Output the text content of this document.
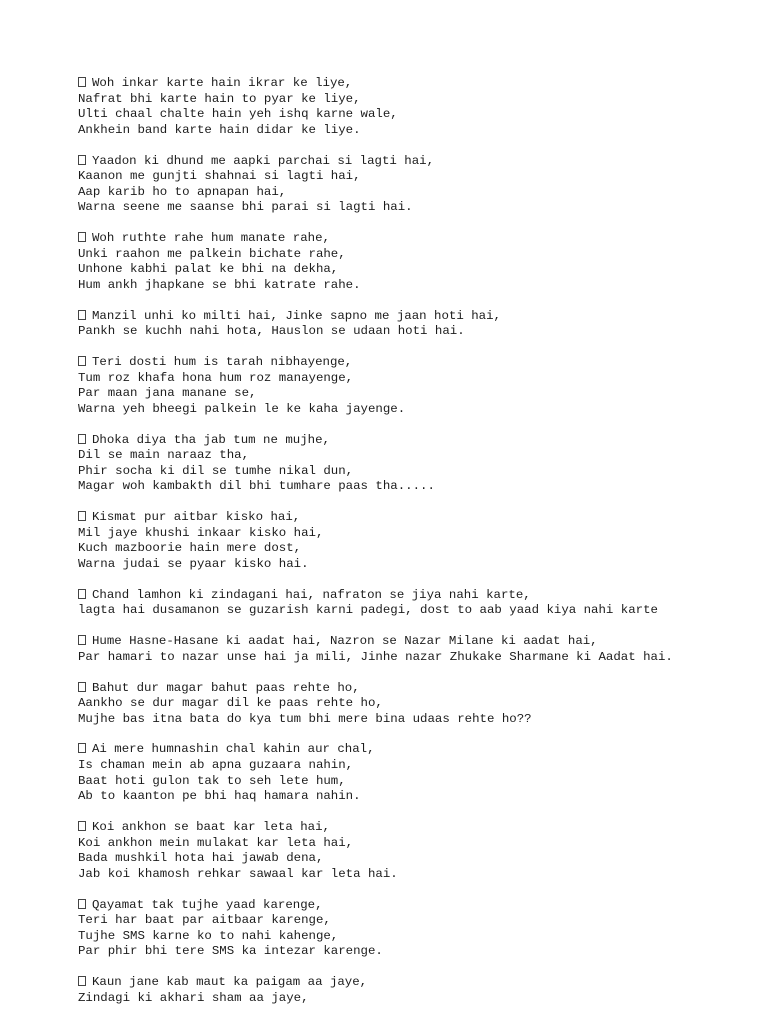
Woh inkar karte hain ikrar ke liye,
Nafrat bhi karte hain to pyar ke liye,
Ulti chaal chalte hain yeh ishq karne wale,
Ankhein band karte hain didar ke liye.
Yaadon ki dhund me aapki parchai si lagti hai,
Kaanon me gunjti shahnai si lagti hai,
Aap karib ho to apnapan hai,
Warna seene me saanse bhi parai si lagti hai.
Woh ruthte rahe hum manate rahe,
Unki raahon me palkein bichate rahe,
Unhone kabhi palat ke bhi na dekha,
Hum ankh jhapkane se bhi katrate rahe.
Manzil unhi ko milti hai, Jinke sapno me jaan hoti hai,
Pankh se kuchh nahi hota, Hauslon se udaan hoti hai.
Teri dosti hum is tarah nibhayenge,
Tum roz khafa hona hum roz manayenge,
Par maan jana manane se,
Warna yeh bheegi palkein le ke kaha jayenge.
Dhoka diya tha jab tum ne mujhe,
Dil se main naraaz tha,
Phir socha ki dil se tumhe nikal dun,
Magar woh kambakth dil bhi tumhare paas tha.....
Kismat pur aitbar kisko hai,
Mil jaye khushi inkaar kisko hai,
Kuch mazboorie hain mere dost,
Warna judai se pyaar kisko hai.
Chand lamhon ki zindagani hai, nafraton se jiya nahi karte,
lagta hai dusamanon se guzarish karni padegi, dost to aab yaad kiya nahi karte
Hume Hasne-Hasane ki aadat hai, Nazron se Nazar Milane ki aadat hai,
Par hamari to nazar unse hai ja mili, Jinhe nazar Zhukake Sharmane ki Aadat hai.
Bahut dur magar bahut paas rehte ho,
Aankho se dur magar dil ke paas rehte ho,
Mujhe bas itna bata do kya tum bhi mere bina udaas rehte ho??
Ai mere humnashin chal kahin aur chal,
Is chaman mein ab apna guzaara nahin,
Baat hoti gulon tak to seh lete hum,
Ab to kaanton pe bhi haq hamara nahin.
Koi ankhon se baat kar leta hai,
Koi ankhon mein mulakat kar leta hai,
Bada mushkil hota hai jawab dena,
Jab koi khamosh rehkar sawaal kar leta hai.
Qayamat tak tujhe yaad karenge,
Teri har baat par aitbaar karenge,
Tujhe SMS karne ko to nahi kahenge,
Par phir bhi tere SMS ka intezar karenge.
Kaun jane kab maut ka paigam aa jaye,
Zindagi ki akhari sham aa jaye,
